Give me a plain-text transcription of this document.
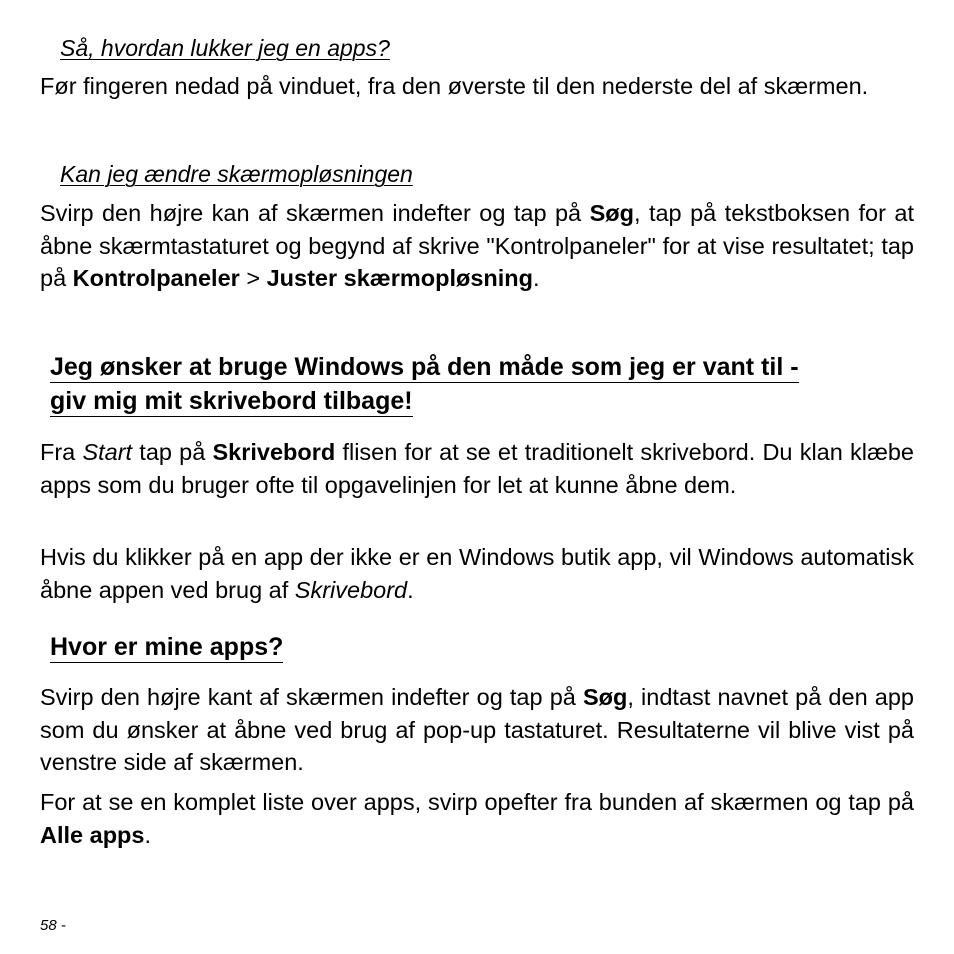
Så, hvordan lukker jeg en apps?

Før fingeren nedad på vinduet, fra den øverste til den nederste del af skærmen.

Kan jeg ændre skærmopløsningen

Svirp den højre kan af skærmen indefter og tap på Søg, tap på tekstboksen for at åbne skærmtastaturet og begynd af skrive "Kontrolpaneler" for at vise resultatet; tap på Kontrolpaneler > Juster skærmopløsning.

Jeg ønsker at bruge Windows på den måde som jeg er vant til -
giv mig mit skrivebord tilbage!

Fra Start tap på Skrivebord flisen for at se et traditionelt skrivebord. Du klan klæbe apps som du bruger ofte til opgavelinjen for let at kunne åbne dem.

Hvis du klikker på en app der ikke er en Windows butik app, vil Windows automatisk åbne appen ved brug af Skrivebord.

Hvor er mine apps?

Svirp den højre kant af skærmen indefter og tap på Søg, indtast navnet på den app som du ønsker at åbne ved brug af pop-up tastaturet. Resultaterne vil blive vist på venstre side af skærmen.

For at se en komplet liste over apps, svirp opefter fra bunden af skærmen og tap på Alle apps.

58 -
